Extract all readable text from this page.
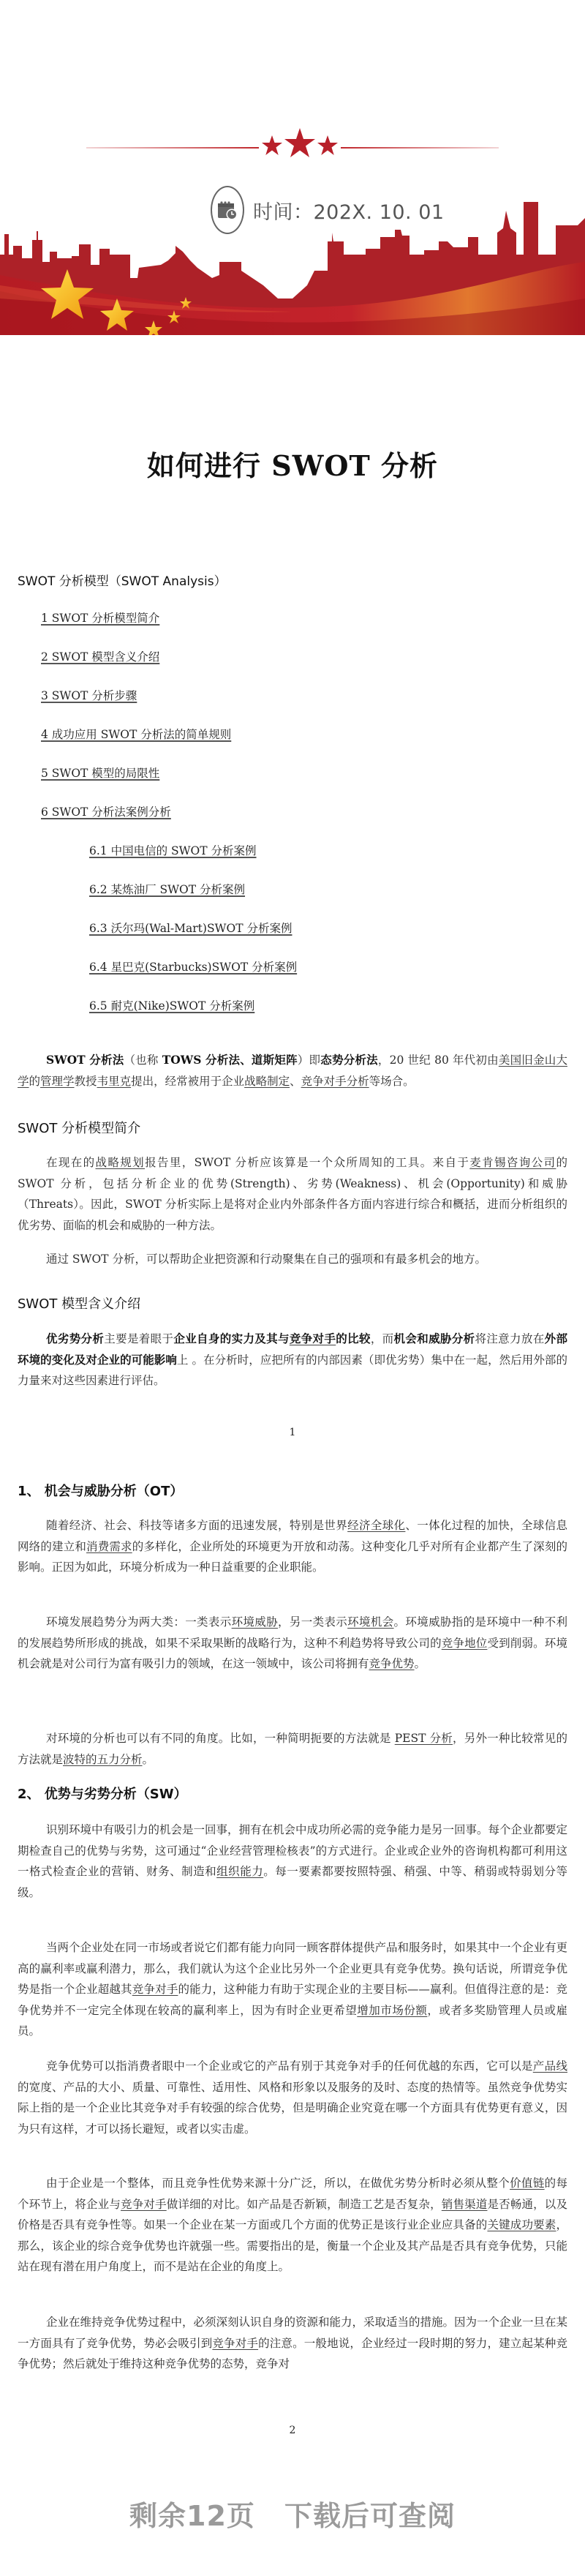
时间：202X. 10. 01
如何进行 SWOT 分析
SWOT 分析模型（SWOT Analysis）
1 SWOT 分析模型简介
2 SWOT 模型含义介绍
3 SWOT 分析步骤
4 成功应用 SWOT 分析法的简单规则
5 SWOT 模型的局限性
6 SWOT 分析法案例分析
6.1 中国电信的 SWOT 分析案例
6.2 某炼油厂 SWOT 分析案例
6.3 沃尔玛(Wal-Mart)SWOT 分析案例
6.4 星巴克(Starbucks)SWOT 分析案例
6.5 耐克(Nike)SWOT 分析案例

SWOT 分析法（也称 TOWS 分析法、道斯矩阵）即态势分析法，20 世纪 80 年代初由美国旧金山大学的管理学教授韦里克提出，经常被用于企业战略制定、竞争对手分析等场合。

SWOT 分析模型简介

在现在的战略规划报告里，SWOT 分析应该算是一个众所周知的工具。来自于麦肯锡咨询公司的 SWOT 分析，包括分析企业的优势(Strength)、劣势(Weakness)、机会(Opportunity)和威胁（Threats）。因此，SWOT 分析实际上是将对企业内外部条件各方面内容进行综合和概括，进而分析组织的优劣势、面临的机会和威胁的一种方法。

通过 SWOT 分析，可以帮助企业把资源和行动聚集在自己的强项和有最多机会的地方。

SWOT 模型含义介绍

优劣势分析主要是着眼于企业自身的实力及其与竞争对手的比较，而机会和威胁分析将注意力放在外部环境的变化及对企业的可能影响上 。在分析时，应把所有的内部因素（即优劣势）集中在一起，然后用外部的力量来对这些因素进行评估。

1
1、 机会与威胁分析（OT）

随着经济、社会、科技等诸多方面的迅速发展，特别是世界经济全球化、一体化过程的加快，全球信息网络的建立和消费需求的多样化，企业所处的环境更为开放和动荡。这种变化几乎对所有企业都产生了深刻的影响。正因为如此，环境分析成为一种日益重要的企业职能。

环境发展趋势分为两大类：一类表示环境威胁，另一类表示环境机会。环境威胁指的是环境中一种不利的发展趋势所形成的挑战，如果不采取果断的战略行为，这种不利趋势将导致公司的竞争地位受到削弱。环境机会就是对公司行为富有吸引力的领域，在这一领域中，该公司将拥有竞争优势。

对环境的分析也可以有不同的角度。比如，一种简明扼要的方法就是 PEST 分析，另外一种比较常见的方法就是波特的五力分析。

2、 优势与劣势分析（SW）

识别环境中有吸引力的机会是一回事，拥有在机会中成功所必需的竞争能力是另一回事。每个企业都要定期检查自己的优势与劣势，这可通过“企业经营管理检核表”的方式进行。企业或企业外的咨询机构都可利用这一格式检查企业的营销、财务、制造和组织能力。每一要素都要按照特强、稍强、中等、稍弱或特弱划分等级。

当两个企业处在同一市场或者说它们都有能力向同一顾客群体提供产品和服务时，如果其中一个企业有更高的赢利率或赢利潜力，那么，我们就认为这个企业比另外一个企业更具有竞争优势。换句话说，所谓竞争优势是指一个企业超越其竞争对手的能力，这种能力有助于实现企业的主要目标——赢利。但值得注意的是：竞争优势并不一定完全体现在较高的赢利率上，因为有时企业更希望增加市场份额，或者多奖励管理人员或雇员。

竞争优势可以指消费者眼中一个企业或它的产品有别于其竞争对手的任何优越的东西，它可以是产品线的宽度、产品的大小、质量、可靠性、适用性、风格和形象以及服务的及时、态度的热情等。虽然竞争优势实际上指的是一个企业比其竞争对手有较强的综合优势，但是明确企业究竟在哪一个方面具有优势更有意义，因为只有这样，才可以扬长避短，或者以实击虚。

由于企业是一个整体，而且竞争性优势来源十分广泛，所以，在做优劣势分析时必须从整个价值链的每个环节上，将企业与竞争对手做详细的对比。如产品是否新颖，制造工艺是否复杂，销售渠道是否畅通，以及价格是否具有竞争性等。如果一个企业在某一方面或几个方面的优势正是该行业企业应具备的关键成功要素，那么，该企业的综合竞争优势也许就强一些。需要指出的是，衡量一个企业及其产品是否具有竞争优势，只能站在现有潜在用户角度上，而不是站在企业的角度上。

企业在维持竞争优势过程中，必须深刻认识自身的资源和能力，采取适当的措施。因为一个企业一旦在某一方面具有了竞争优势，势必会吸引到竞争对手的注意。一般地说，企业经过一段时期的努力，建立起某种竞争优势；然后就处于维持这种竞争优势的态势，竞争对

2
剩余12页 下载后可查阅
